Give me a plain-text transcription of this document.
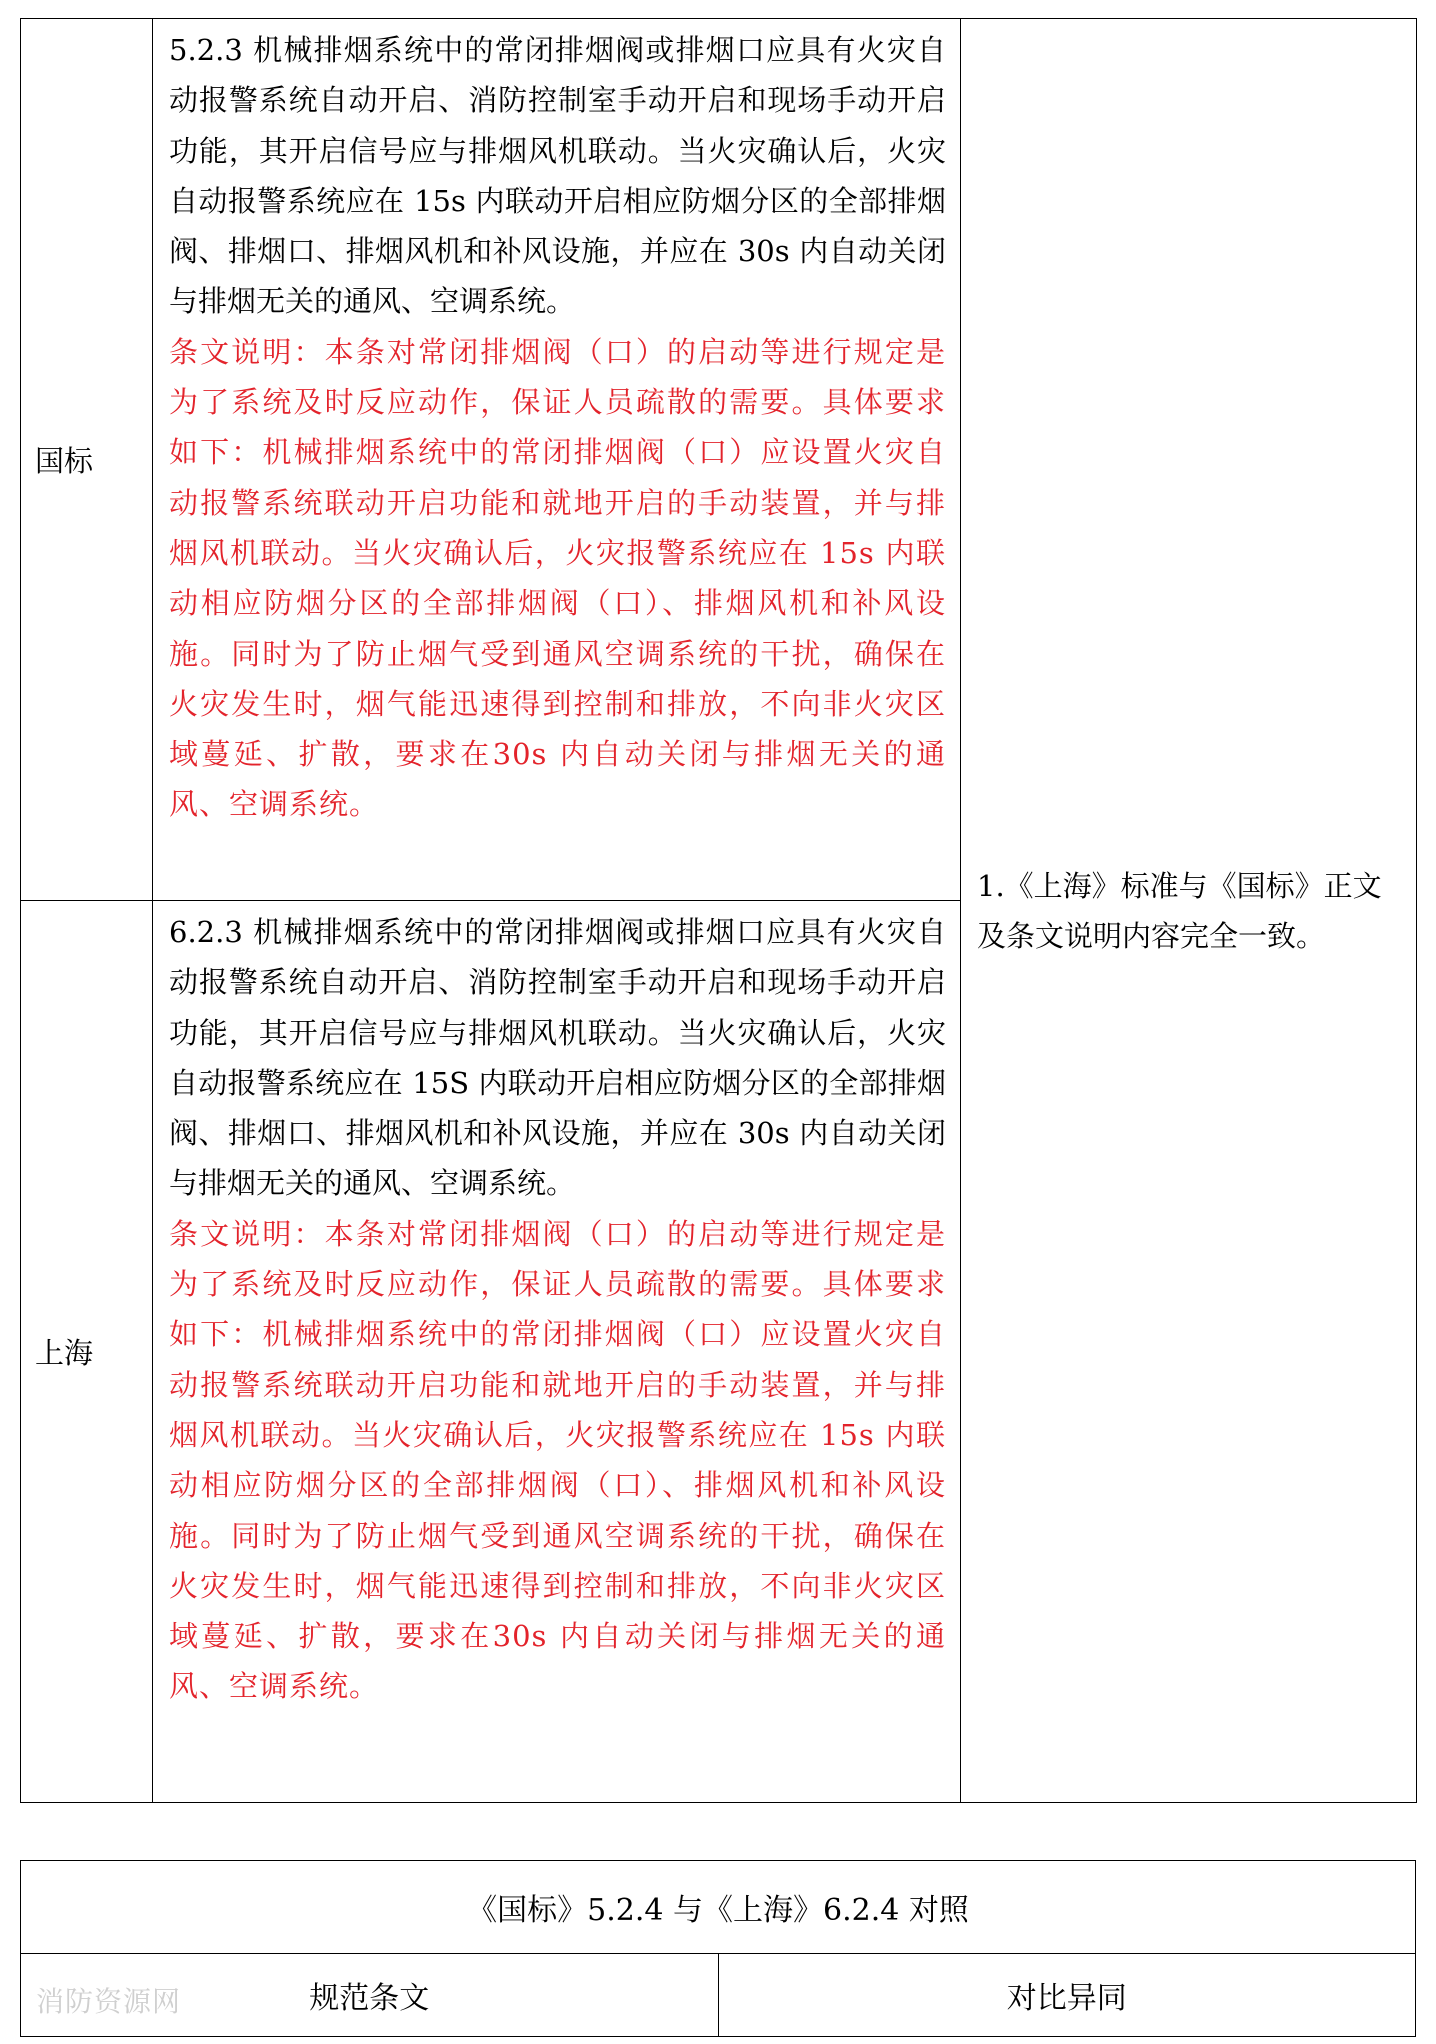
国标	5.2.3 机械排烟系统中的常闭排烟阀或排烟口应具有火灾自动报警系统自动开启、消防控制室手动开启和现场手动开启功能，其开启信号应与排烟风机联动。当火灾确认后，火灾自动报警系统应在 15s 内联动开启相应防烟分区的全部排烟阀、排烟口、排烟风机和补风设施，并应在 30s 内自动关闭与排烟无关的通风、空调系统。

条文说明：本条对常闭排烟阀（口）的启动等进行规定是为了系统及时反应动作，保证人员疏散的需要。具体要求如下：机械排烟系统中的常闭排烟阀（口）应设置火灾自动报警系统联动开启功能和就地开启的手动装置，并与排烟风机联动。当火灾确认后，火灾报警系统应在 15s 内联动相应防烟分区的全部排烟阀（口）、排烟风机和补风设施。同时为了防止烟气受到通风空调系统的干扰，确保在火灾发生时，烟气能迅速得到控制和排放，不向非火灾区域蔓延、扩散，要求在30s 内自动关闭与排烟无关的通风、空调系统。	1.《上海》标准与《国标》正文及条文说明内容完全一致。
上海	6.2.3 机械排烟系统中的常闭排烟阀或排烟口应具有火灾自动报警系统自动开启、消防控制室手动开启和现场手动开启功能，其开启信号应与排烟风机联动。当火灾确认后，火灾自动报警系统应在 15S 内联动开启相应防烟分区的全部排烟阀、排烟口、排烟风机和补风设施，并应在 30s 内自动关闭与排烟无关的通风、空调系统。

条文说明：本条对常闭排烟阀（口）的启动等进行规定是为了系统及时反应动作，保证人员疏散的需要。具体要求如下：机械排烟系统中的常闭排烟阀（口）应设置火灾自动报警系统联动开启功能和就地开启的手动装置，并与排烟风机联动。当火灾确认后，火灾报警系统应在 15s 内联动相应防烟分区的全部排烟阀（口）、排烟风机和补风设施。同时为了防止烟气受到通风空调系统的干扰，确保在火灾发生时，烟气能迅速得到控制和排放，不向非火灾区域蔓延、扩散，要求在30s 内自动关闭与排烟无关的通风、空调系统。	

《国标》5.2.4 与《上海》6.2.4 对照
规范条文	对比异同
消防资源网
